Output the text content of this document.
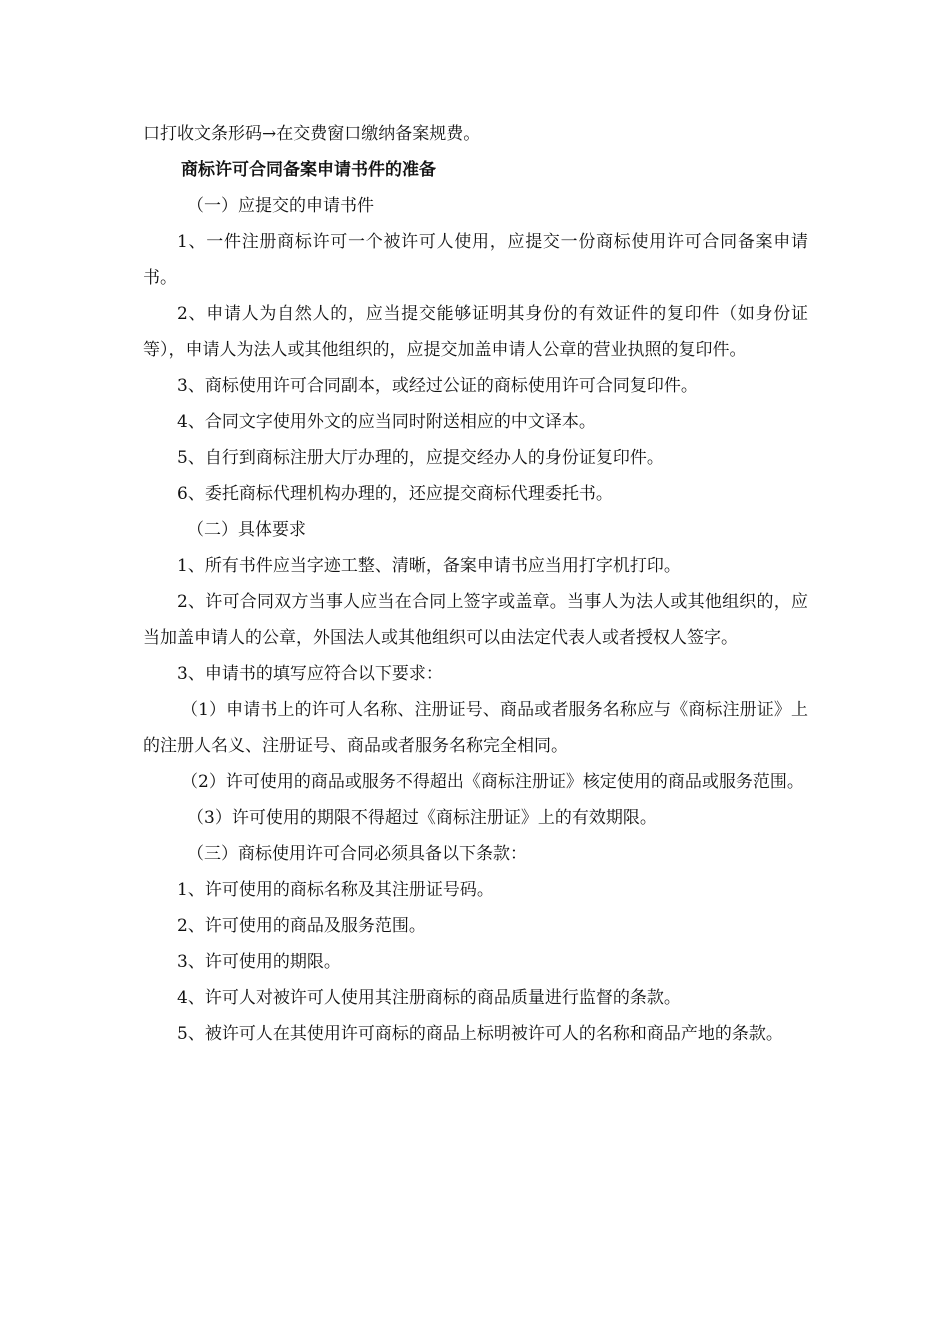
口打收文条形码→在交费窗口缴纳备案规费。

商标许可合同备案申请书件的准备

（一）应提交的申请书件

1、一件注册商标许可一个被许可人使用，应提交一份商标使用许可合同备案申请书。

2、申请人为自然人的，应当提交能够证明其身份的有效证件的复印件（如身份证等），申请人为法人或其他组织的，应提交加盖申请人公章的营业执照的复印件。

3、商标使用许可合同副本，或经过公证的商标使用许可合同复印件。

4、合同文字使用外文的应当同时附送相应的中文译本。

5、自行到商标注册大厅办理的，应提交经办人的身份证复印件。

6、委托商标代理机构办理的，还应提交商标代理委托书。

（二）具体要求

1、所有书件应当字迹工整、清晰，备案申请书应当用打字机打印。

2、许可合同双方当事人应当在合同上签字或盖章。当事人为法人或其他组织的，应当加盖申请人的公章，外国法人或其他组织可以由法定代表人或者授权人签字。

3、申请书的填写应符合以下要求：

（1）申请书上的许可人名称、注册证号、商品或者服务名称应与《商标注册证》上的注册人名义、注册证号、商品或者服务名称完全相同。

（2）许可使用的商品或服务不得超出《商标注册证》核定使用的商品或服务范围。

（3）许可使用的期限不得超过《商标注册证》上的有效期限。

（三）商标使用许可合同必须具备以下条款：

1、许可使用的商标名称及其注册证号码。

2、许可使用的商品及服务范围。

3、许可使用的期限。

4、许可人对被许可人使用其注册商标的商品质量进行监督的条款。

5、被许可人在其使用许可商标的商品上标明被许可人的名称和商品产地的条款。
